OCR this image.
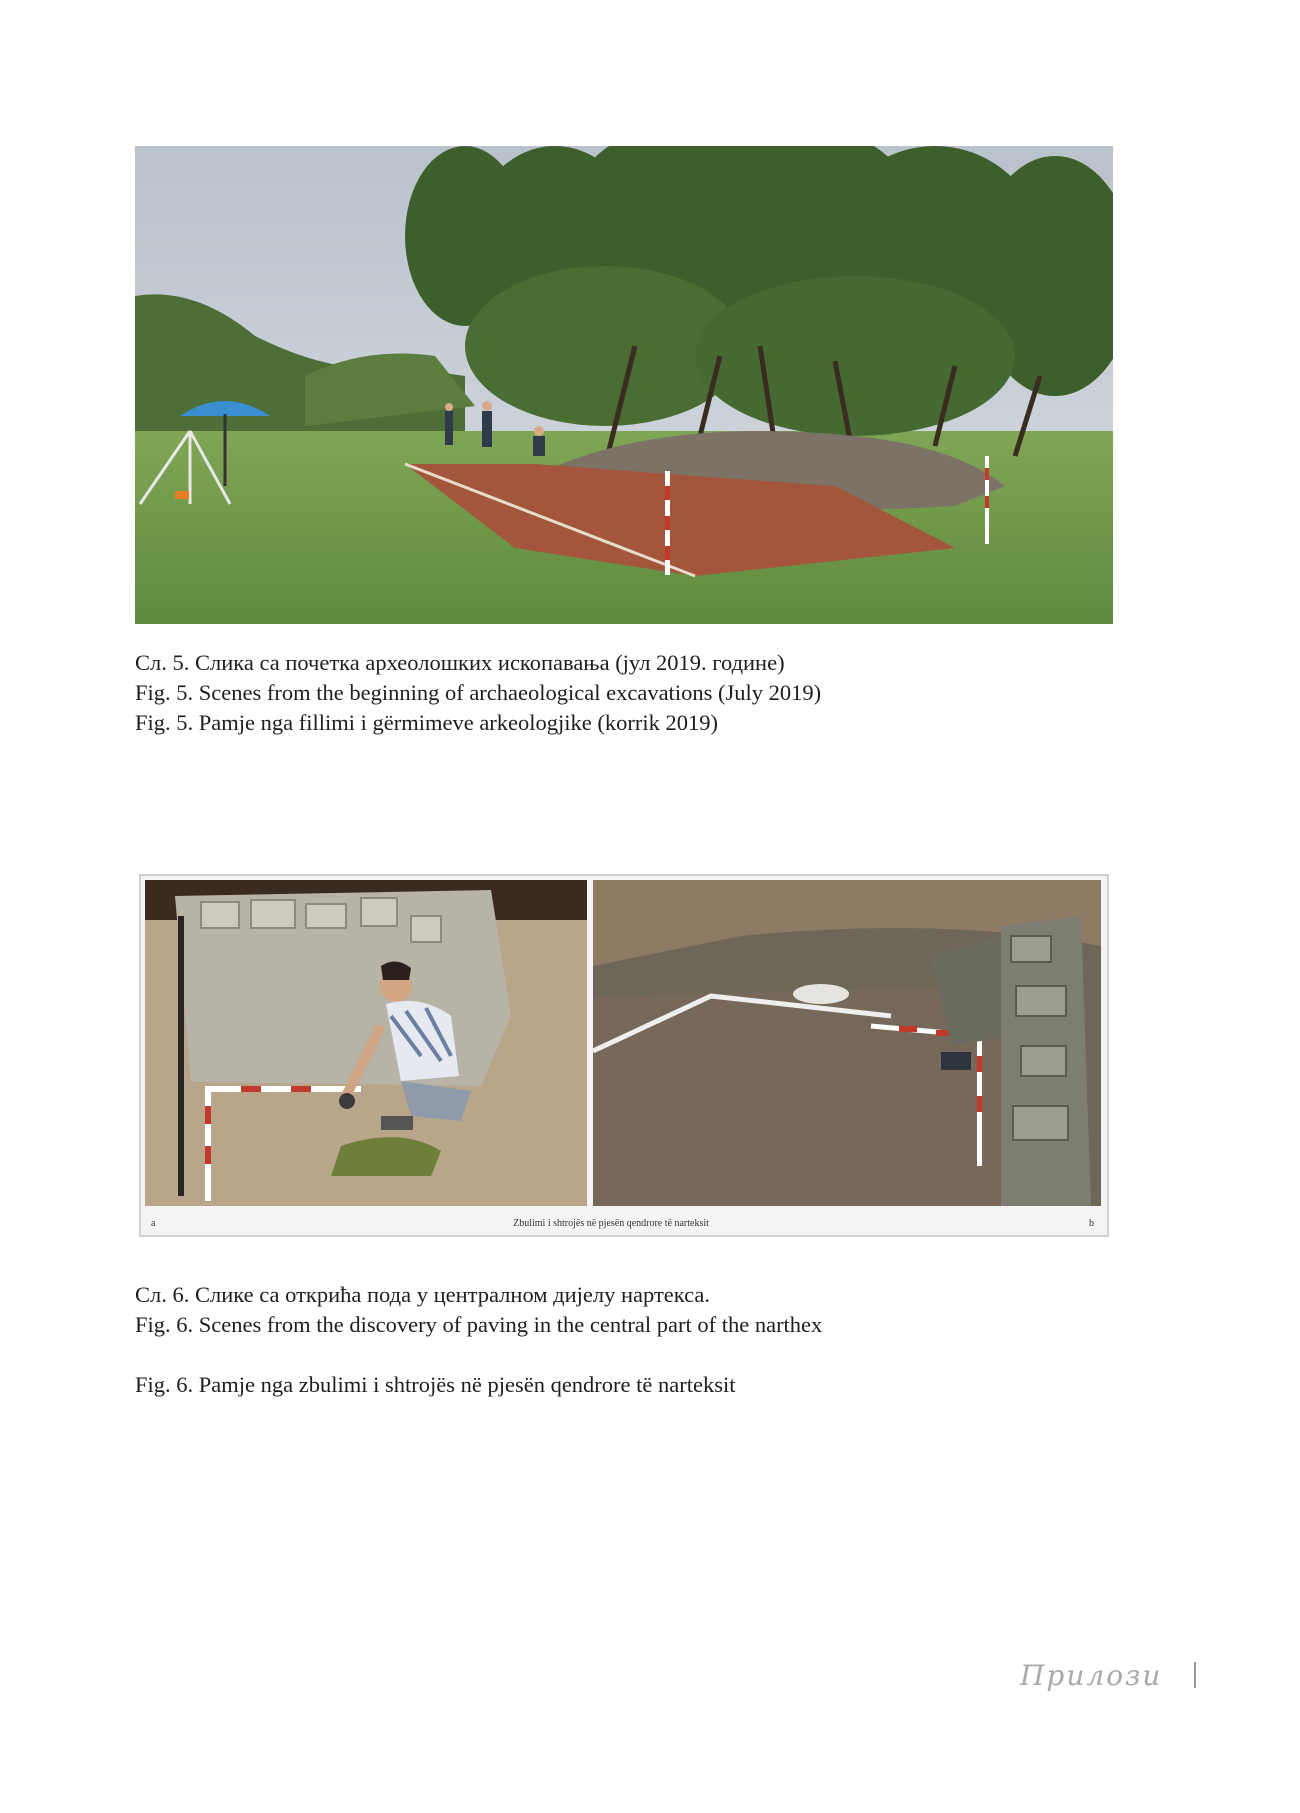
Сл. 5. Слика са почетка археолошких ископавања (јул 2019. године)
Fig. 5. Scenes from the beginning of archaeological excavations (July 2019)
Fig. 5. Pamje nga fillimi i gërmimeve arkeologjike (korrik 2019)
a	b
Zbulimi i shtrojës në pjesën qendrore të narteksit
Сл. 6. Слике са открића пода у централном дијелу нартекса.
Fig. 6. Scenes from the discovery of paving in the central part of the narthex
Fig. 6. Pamje nga zbulimi i shtrojës në pjesën qendrore të narteksit
Прилози
